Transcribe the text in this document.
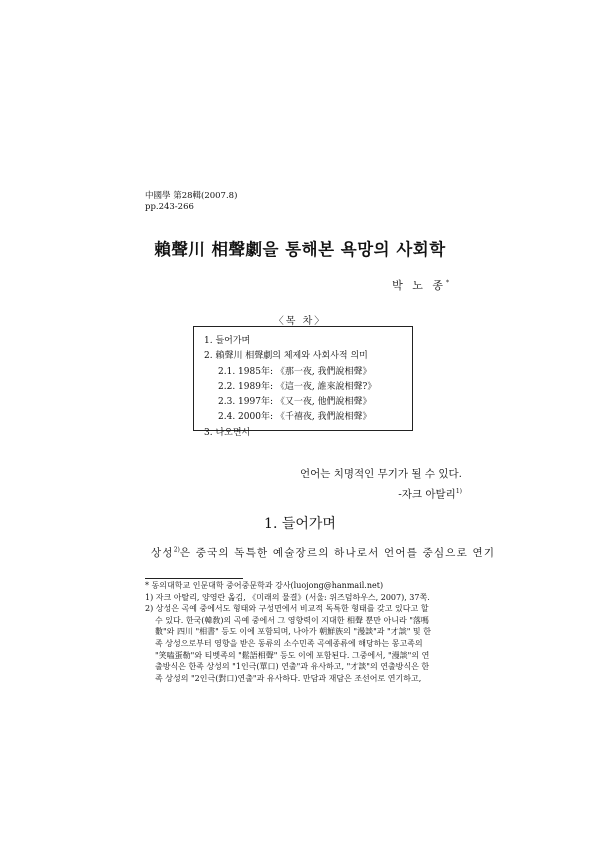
中國學 第28輯(2007.8)
pp.243-266
賴聲川 相聲劇을 통해본 욕망의 사회학
박 노 종*
〈목 차〉
1. 들어가며
2. 賴聲川 相聲劇의 체제와 사회사적 의미
2.1. 1985年: 《那一夜, 我們說相聲》
2.2. 1989年: 《這一夜, 誰來說相聲?》
2.3. 1997年: 《又一夜, 他們說相聲》
2.4. 2000年: 《千禧夜, 我們說相聲》
3. 나오면서
언어는 치명적인 무기가 될 수 있다.
-자크 아탈리$^{1)}$
1. 들어가며
상성$^{2)}$은 중국의 독특한 예술장르의 하나로서 언어를 중심으로 연기

* 동의대학교 인문대학 중어중문학과 강사(luojong@hanmail.net)

1) 자크 아탈리, 양영란 옮김, 《미래의 물결》(서울: 위즈덤하우스, 2007), 37쪽.

2) 상성은 곡예 중에서도 형태와 구성면에서 비교적 독특한 형태를 갖고 있다고 할

수 있다. 한국(韓敎)의 곡예 중에서 그 영향력이 지대한 相聲 뿐만 아니라 "落嗎

數"와 四川 "相書" 등도 이에 포함되며, 나아가 朝鮮族의 "漫談"과 "才談" 및 한

족 상성으로부터 영향을 받은 동류의 소수민족 곡예종류에 해당하는 몽고족의

"笑嗑蛋勒"와 티벳족의 "鬆語相聲" 등도 이에 포함된다. 그중에서, "漫談"의 연

출방식은 한족 상성의 "1인극(單口) 연출"과 유사하고, "才談"의 연출방식은 한

족 상성의 "2인극(對口)연출"과 유사하다. 만담과 재담은 조선어로 연기하고,
